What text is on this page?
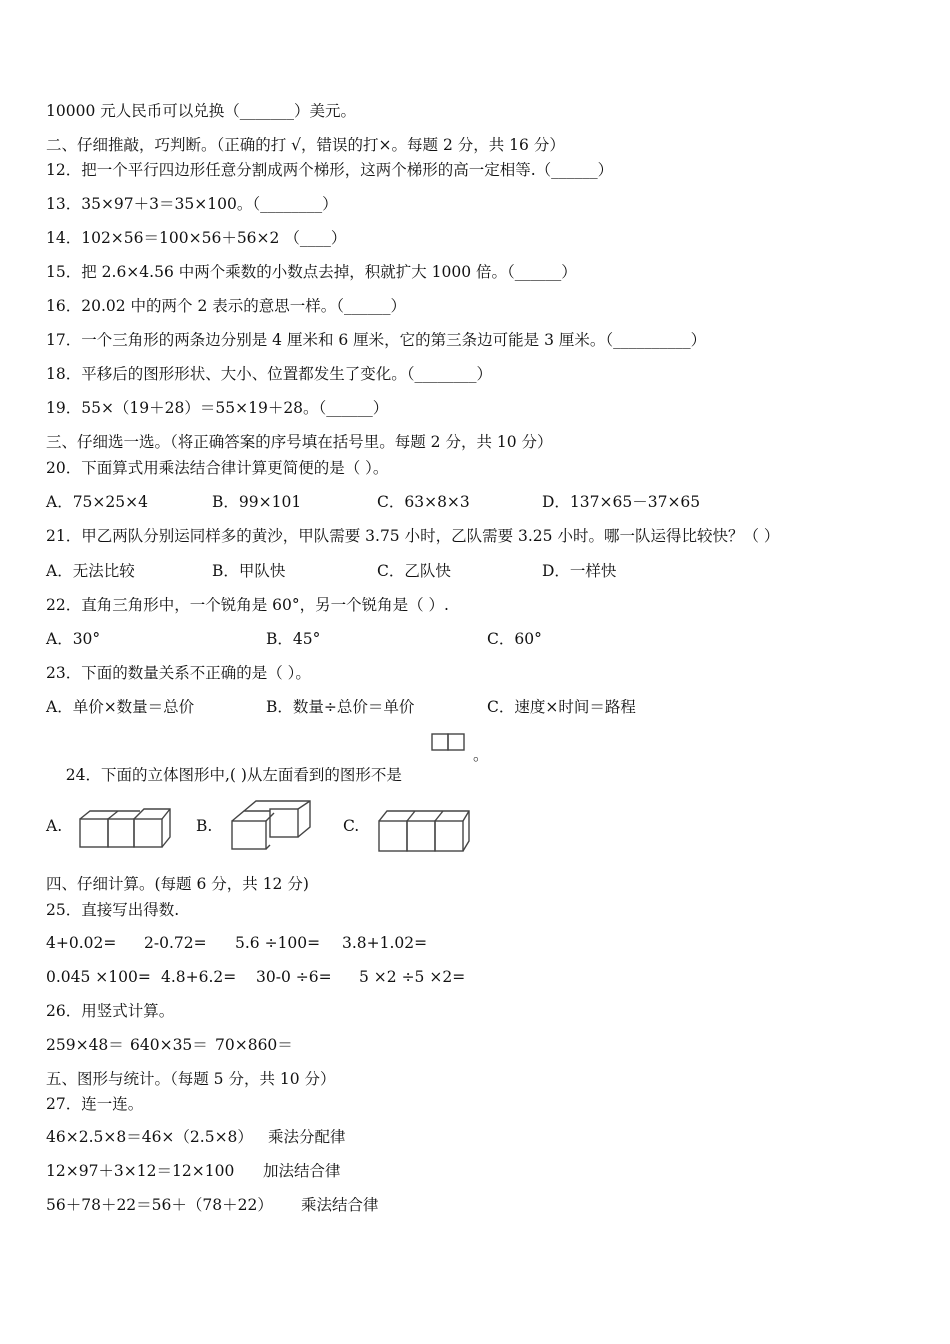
10000 元人民币可以兑换（_______）美元。
二、仔细推敲，巧判断。（正确的打 √，错误的打×。每题 2 分，共 16 分）
12．把一个平行四边形任意分割成两个梯形，这两个梯形的高一定相等.（______）
13．35×97＋3＝35×100。（________）
14．102×56＝100×56＋56×2 （____）
15．把 2.6×4.56 中两个乘数的小数点去掉，积就扩大 1000 倍。（______）
16．20.02 中的两个 2 表示的意思一样。（______）
17．一个三角形的两条边分别是 4 厘米和 6 厘米，它的第三条边可能是 3 厘米。（__________）
18．平移后的图形形状、大小、位置都发生了变化。（________）
19．55×（19＋28）＝55×19＋28。（______）
三、仔细选一选。（将正确答案的序号填在括号里。每题 2 分，共 10 分）
20．下面算式用乘法结合律计算更简便的是（ ）。
A．75×25×4	B．99×101	C．63×8×3	D．137×65－37×65
21．甲乙两队分别运同样多的黄沙，甲队需要 3.75 小时，乙队需要 3.25 小时。哪一队运得比较快？（ ）
A．无法比较	B．甲队快	C．乙队快	D．一样快
22．直角三角形中，一个锐角是 60°，另一个锐角是（ ）.
A．30°	B．45°	C．60°
23．下面的数量关系不正确的是（ ）。
A．单价×数量＝总价	B．数量÷总价＝单价	C．速度×时间＝路程

24．下面的立体图形中,( )从左面看到的图形不是

。
A.	B.	C.
四、仔细计算。(每题 6 分，共 12 分)
25．直接写出得数.
4+0.02= 2-0.72= 5.6 ÷100= 3.8+1.02=
0.045 ×100= 4.8+6.2= 30-0 ÷6= 5 ×2 ÷5 ×2=
26．用竖式计算。
259×48＝ 640×35＝ 70×860＝
五、图形与统计。（每题 5 分，共 10 分）
27．连一连。
46×2.5×8＝46×（2.5×8） 乘法分配律
12×97＋3×12＝12×100 加法结合律
56＋78＋22＝56＋（78＋22） 乘法结合律
